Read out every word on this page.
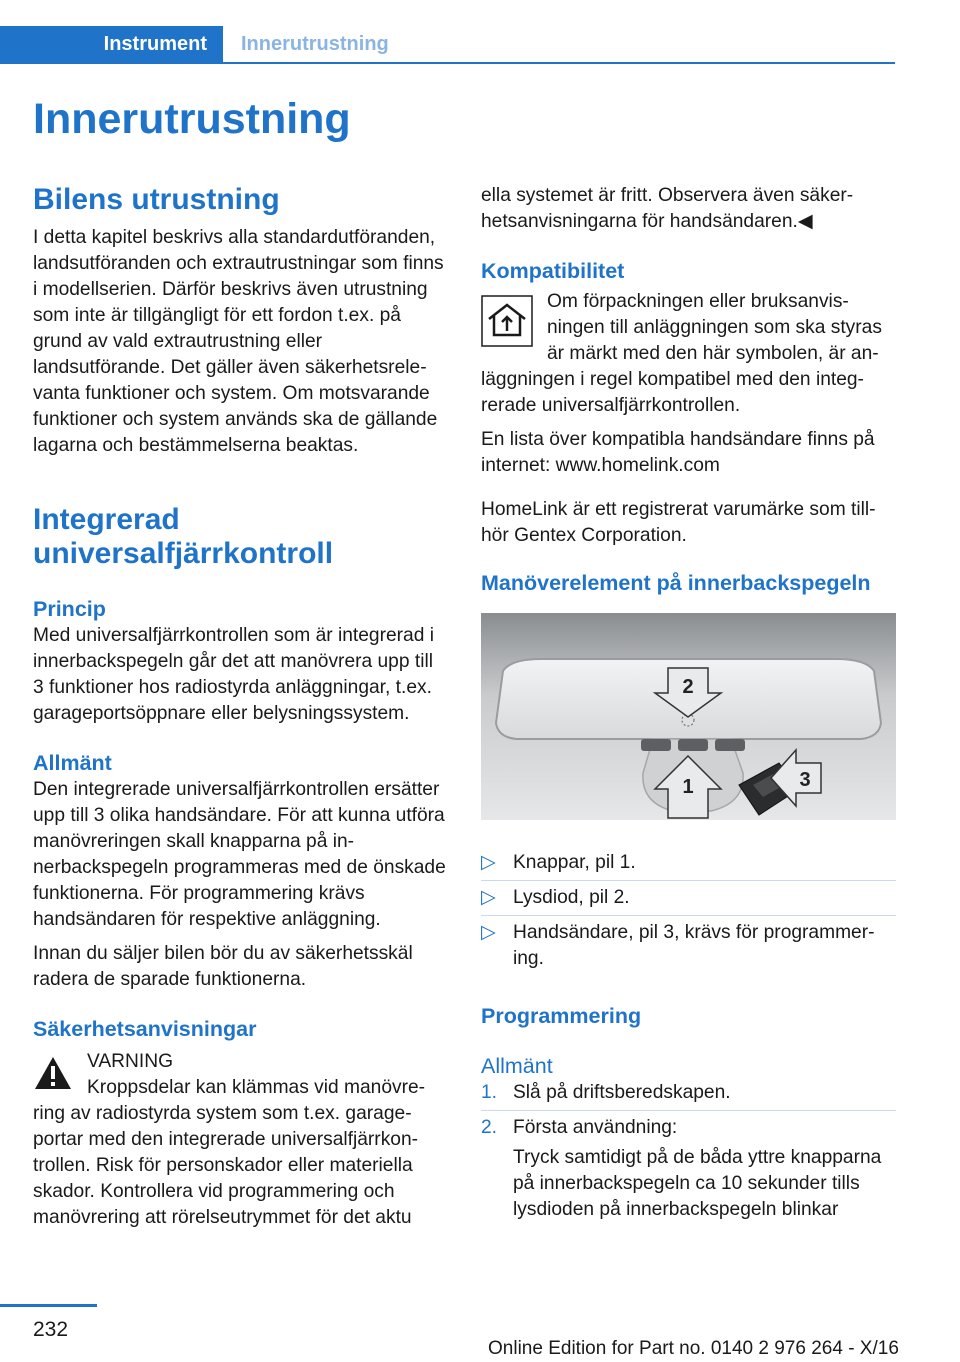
Instrument	Innerutrustning
Innerutrustning
Bilens utrustning

I detta kapitel beskrivs alla standardutföranden, landsutföranden och extrautrustningar som finns i modellserien. Därför beskrivs även utrustning som inte är tillgängligt för ett fordon t.ex. på grund av vald extrautrustning eller landsutförande. Det gäller även säkerhetsrelevanta funktioner och system. Om motsvarande funktioner och system används ska de gällande lagarna och bestämmelserna beaktas.

Integrerad universalfjärrkontroll
Princip

Med universalfjärrkontrollen som är integrerad i innerbackspegeln går det att manövrera upp till 3 funktioner hos radiostyrda anläggningar, t.ex. garageportsöppnare eller belysningssystem.

Allmänt

Den integrerade universalfjärrkontrollen ersätter upp till 3 olika handsändare. För att kunna utföra manövreringen skall knapparna på innerbackspegeln programmeras med de önskade funktionerna. För programmering krävs handsändaren för respektive anläggning.

Innan du säljer bilen bör du av säkerhetsskäl radera de sparade funktionerna.

Säkerhetsanvisningar

VARNING

Kroppsdelar kan klämmas vid manövrering av radiostyrda system som t.ex. garageportar med den integrerade universalfjärrkontrollen. Risk för personskador eller materiella skador. Kontrollera vid programmering och manövrering att rörelseutrymmet för det aktu

ella systemet är fritt. Observera även säkerhetsanvisningarna för handsändaren.◀

Kompatibilitet

Om förpackningen eller bruksanvisningen till anläggningen som ska styras är märkt med den här symbolen, är anläggningen i regel kompatibel med den integrerade universalfjärrkontrollen.

En lista över kompatibla handsändare finns på internet: www.homelink.com

HomeLink är ett registrerat varumärke som tillhör Gentex Corporation.

Manöverelement på innerbackspegeln
2
1	3
▷ Knappar, pil 1.
▷ Lysdiod, pil 2.
▷ Handsändare, pil 3, krävs för programmering.
Programmering
Allmänt
1. Slå på driftsberedskapen.
2. Första användning:

Tryck samtidigt på de båda yttre knapparna på innerbackspegeln ca 10 sekunder tills lysdioden på innerbackspegeln blinkar

232
Online Edition for Part no. 0140 2 976 264 - X/16
